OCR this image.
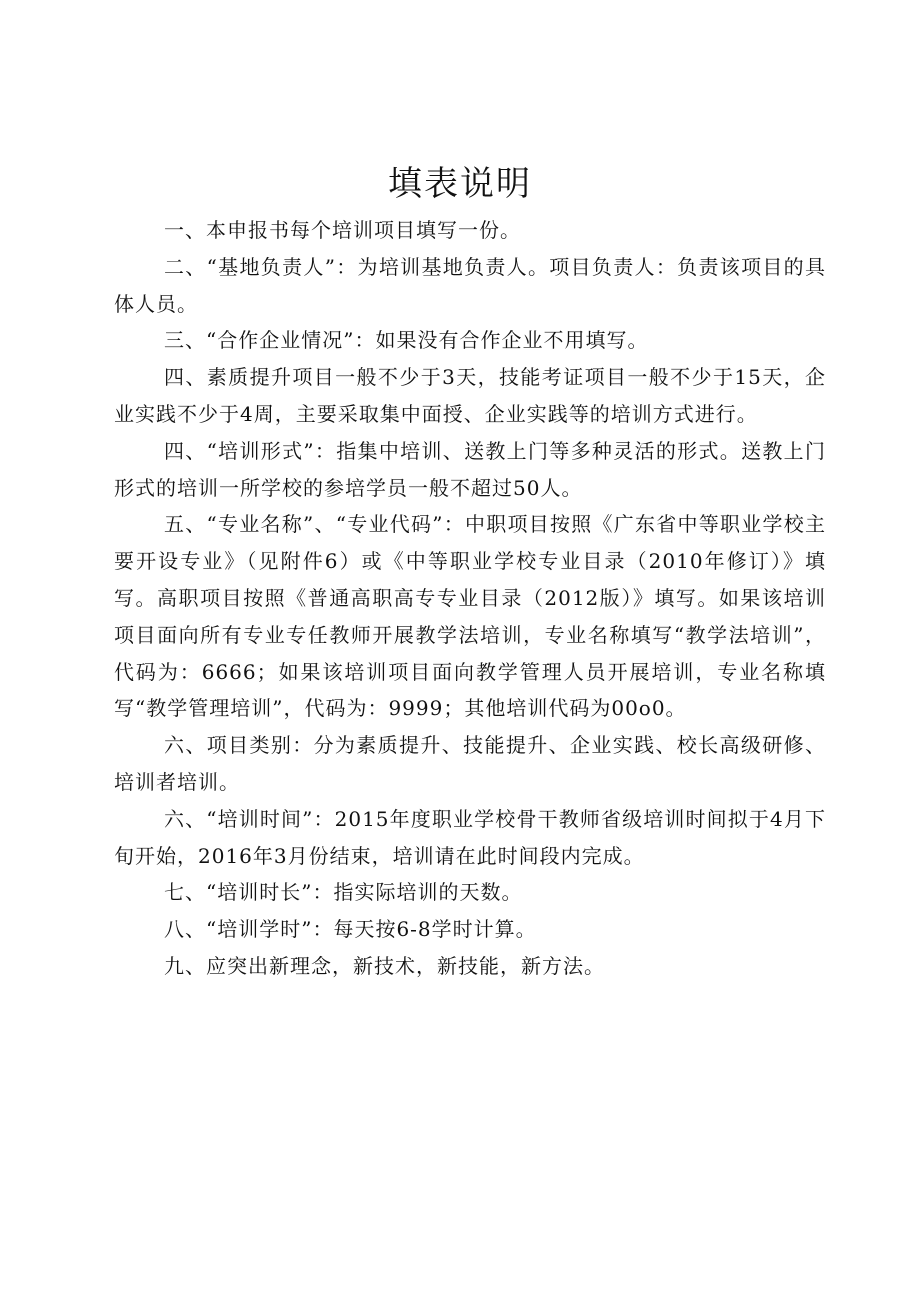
填表说明

一、本申报书每个培训项目填写一份。

二、“基地负责人”：为培训基地负责人。项目负责人：负责该项目的具体人员。

三、“合作企业情况”：如果没有合作企业不用填写。

四、素质提升项目一般不少于3天，技能考证项目一般不少于15天，企业实践不少于4周，主要采取集中面授、企业实践等的培训方式进行。

四、“培训形式”：指集中培训、送教上门等多种灵活的形式。送教上门形式的培训一所学校的参培学员一般不超过50人。

五、“专业名称”、“专业代码”：中职项目按照《广东省中等职业学校主要开设专业》（见附件6）或《中等职业学校专业目录（2010年修订）》填写。高职项目按照《普通高职高专专业目录（2012版）》填写。如果该培训项目面向所有专业专任教师开展教学法培训，专业名称填写“教学法培训”，代码为：6666；如果该培训项目面向教学管理人员开展培训，专业名称填写“教学管理培训”，代码为：9999；其他培训代码为00o0。

六、项目类别：分为素质提升、技能提升、企业实践、校长高级研修、培训者培训。

六、“培训时间”：2015年度职业学校骨干教师省级培训时间拟于4月下旬开始，2016年3月份结束，培训请在此时间段内完成。

七、“培训时长”：指实际培训的天数。

八、“培训学时”：每天按6-8学时计算。

九、应突出新理念，新技术，新技能，新方法。
